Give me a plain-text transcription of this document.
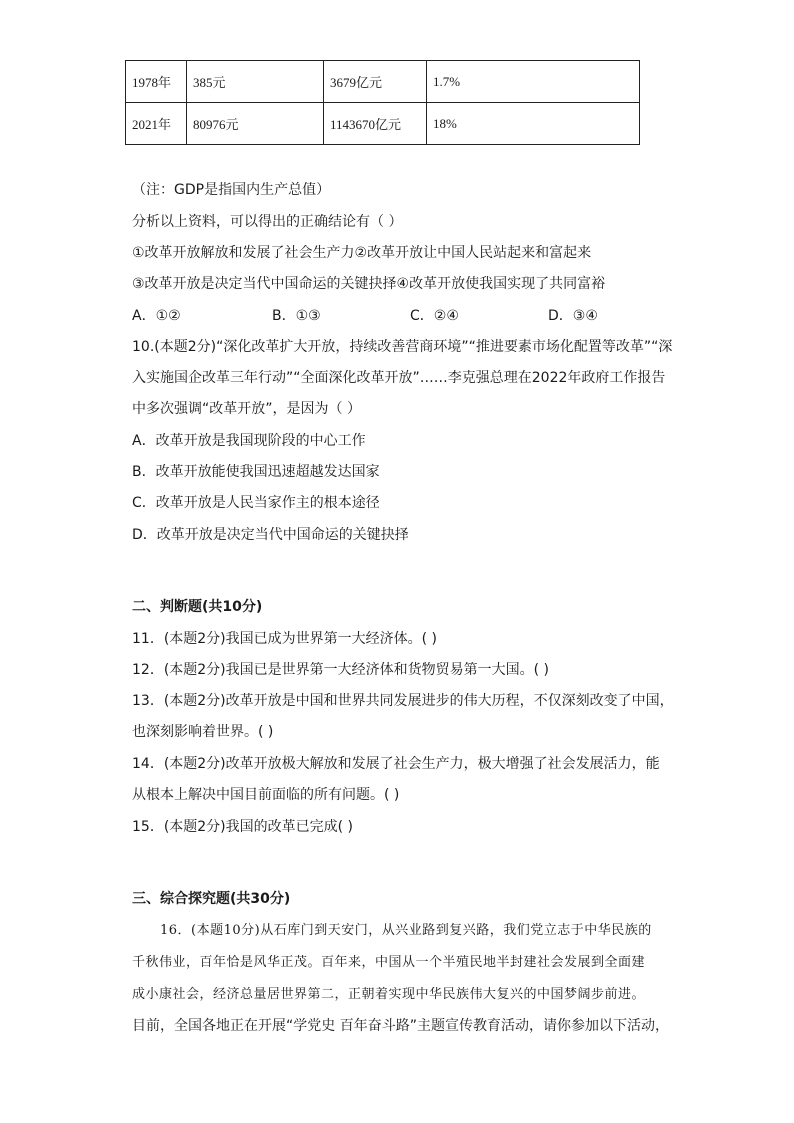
1978年	385元	3679亿元	1.7%
2021年	80976元	1143670亿元	18%
（注：GDP是指国内生产总值）
分析以上资料，可以得出的正确结论有（ ）
①改革开放解放和发展了社会生产力②改革开放让中国人民站起来和富起来
③改革开放是决定当代中国命运的关键抉择④改革开放使我国实现了共同富裕
A．①②	B．①③	C．②④	D．③④
10.(本题2分)“深化改革扩大开放，持续改善营商环境”“推进要素市场化配置等改革”“深
入实施国企改革三年行动”“全面深化改革开放”……李克强总理在2022年政府工作报告
中多次强调“改革开放”，是因为（ ）
A．改革开放是我国现阶段的中心工作
B．改革开放能使我国迅速超越发达国家
C．改革开放是人民当家作主的根本途径
D．改革开放是决定当代中国命运的关键抉择
二、判断题(共10分)
11．(本题2分)我国已成为世界第一大经济体。( )
12．(本题2分)我国已是世界第一大经济体和货物贸易第一大国。( )
13．(本题2分)改革开放是中国和世界共同发展进步的伟大历程，不仅深刻改变了中国，
也深刻影响着世界。( )
14．(本题2分)改革开放极大解放和发展了社会生产力，极大增强了社会发展活力，能
从根本上解决中国目前面临的所有问题。( )
15．(本题2分)我国的改革已完成( )
三、综合探究题(共30分)
16．(本题10分)从石库门到天安门，从兴业路到复兴路，我们党立志于中华民族的
千秋伟业，百年恰是风华正茂。百年来，中国从一个半殖民地半封建社会发展到全面建
成小康社会，经济总量居世界第二，正朝着实现中华民族伟大复兴的中国梦阔步前进。
目前，全国各地正在开展“学党史 百年奋斗路”主题宣传教育活动，请你参加以下活动，
